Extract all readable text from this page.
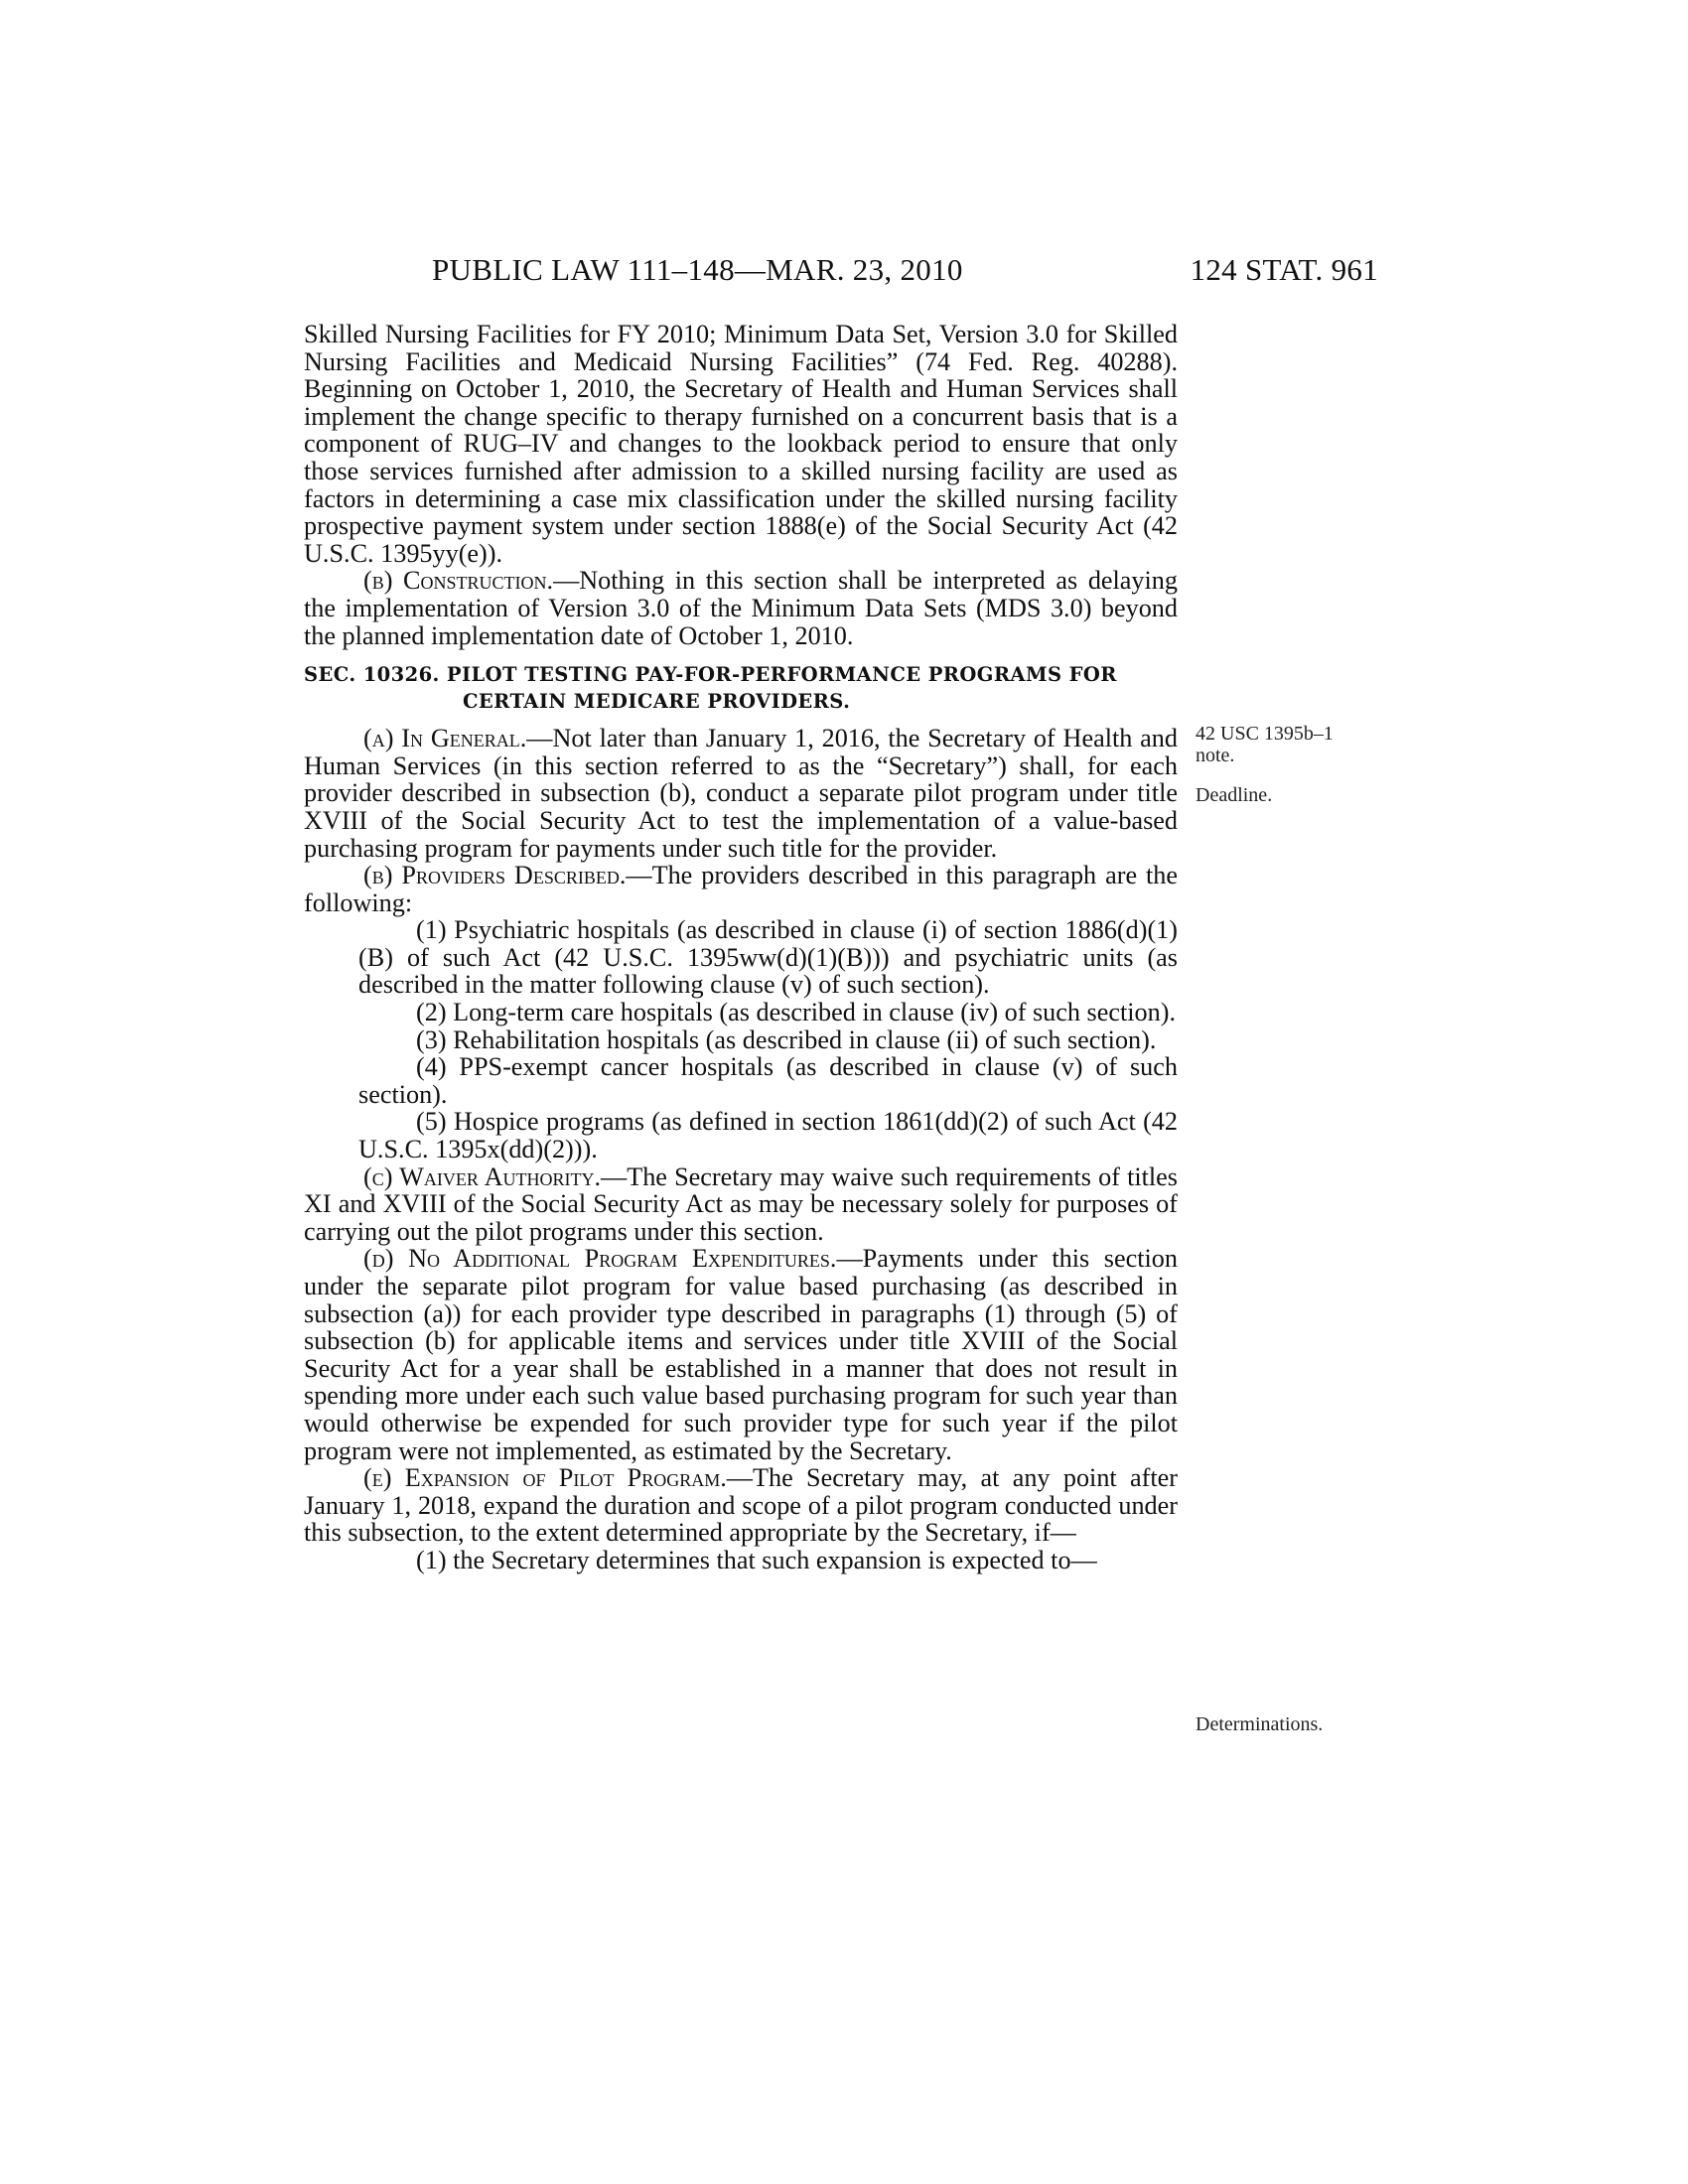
PUBLIC LAW 111–148—MAR. 23, 2010	124 STAT. 961

Skilled Nursing Facilities for FY 2010; Minimum Data Set, Version 3.0 for Skilled Nursing Facilities and Medicaid Nursing Facilities” (74 Fed. Reg. 40288). Beginning on October 1, 2010, the Secretary of Health and Human Services shall implement the change specific to therapy furnished on a concurrent basis that is a component of RUG–IV and changes to the lookback period to ensure that only those services furnished after admission to a skilled nursing facility are used as factors in determining a case mix classification under the skilled nursing facility prospective payment system under section 1888(e) of the Social Security Act (42 U.S.C. 1395yy(e)).

(b) Construction.—Nothing in this section shall be interpreted as delaying the implementation of Version 3.0 of the Minimum Data Sets (MDS 3.0) beyond the planned implementation date of October 1, 2010.

SEC. 10326. PILOT TESTING PAY-FOR-PERFORMANCE PROGRAMS FOR
CERTAIN MEDICARE PROVIDERS.

(a) In General.—Not later than January 1, 2016, the Secretary of Health and Human Services (in this section referred to as the “Secretary”) shall, for each provider described in subsection (b), conduct a separate pilot program under title XVIII of the Social Security Act to test the implementation of a value-based purchasing program for payments under such title for the provider.

(b) Providers Described.—The providers described in this paragraph are the following:

(1) Psychiatric hospitals (as described in clause (i) of section 1886(d)(1)(B) of such Act (42 U.S.C. 1395ww(d)(1)(B))) and psychiatric units (as described in the matter following clause (v) of such section).

(2) Long-term care hospitals (as described in clause (iv) of such section).

(3) Rehabilitation hospitals (as described in clause (ii) of such section).

(4) PPS-exempt cancer hospitals (as described in clause (v) of such section).

(5) Hospice programs (as defined in section 1861(dd)(2) of such Act (42 U.S.C. 1395x(dd)(2))).

(c) Waiver Authority.—The Secretary may waive such requirements of titles XI and XVIII of the Social Security Act as may be necessary solely for purposes of carrying out the pilot programs under this section.

(d) No Additional Program Expenditures.—Payments under this section under the separate pilot program for value based purchasing (as described in subsection (a)) for each provider type described in paragraphs (1) through (5) of subsection (b) for applicable items and services under title XVIII of the Social Security Act for a year shall be established in a manner that does not result in spending more under each such value based purchasing program for such year than would otherwise be expended for such provider type for such year if the pilot program were not implemented, as estimated by the Secretary.

(e) Expansion of Pilot Program.—The Secretary may, at any point after January 1, 2018, expand the duration and scope of a pilot program conducted under this subsection, to the extent determined appropriate by the Secretary, if—

(1) the Secretary determines that such expansion is expected to—

42 USC 1395b–1
note.
Deadline.
Determinations.
